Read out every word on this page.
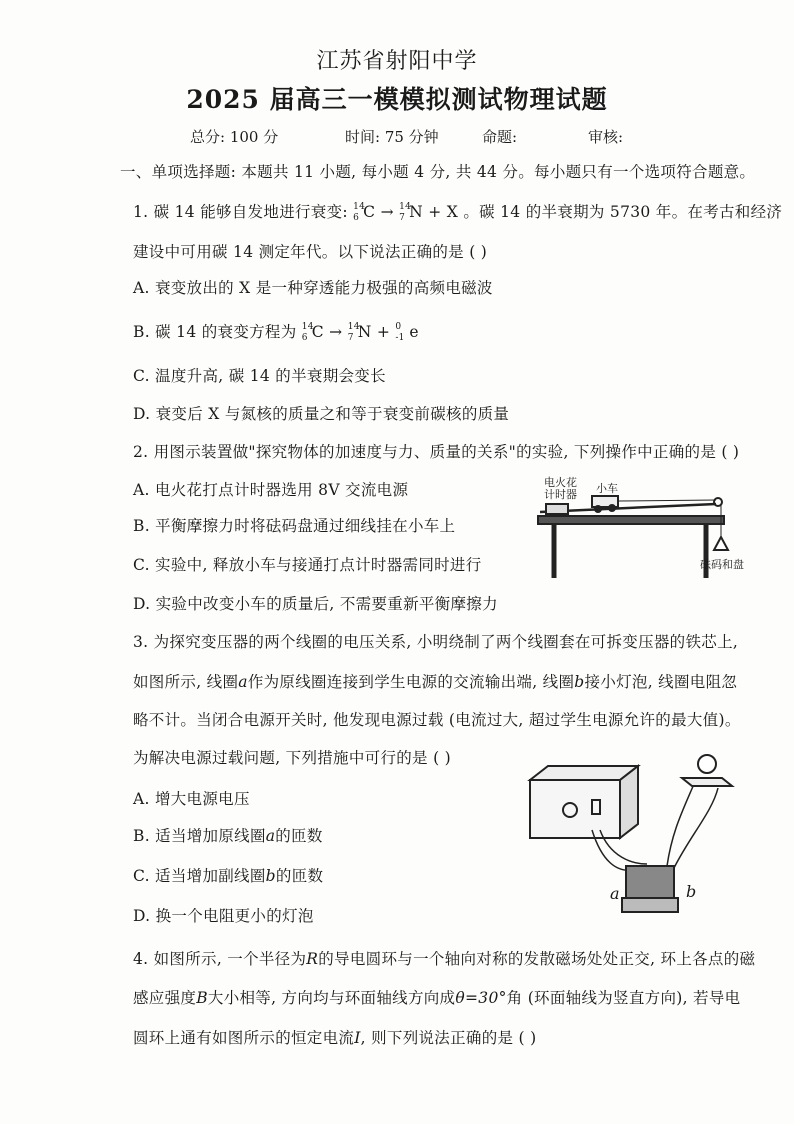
江苏省射阳中学
2025 届高三一模模拟测试物理试题
总分: 100 分	时间: 75 分钟	命题:	审核:
一、单项选择题: 本题共 11 小题, 每小题 4 分, 共 44 分。每小题只有一个选项符合题意。
1. 碳 14 能够自发地进行衰变: 14
6 C → 14
7 N + X 。碳 14 的半衰期为 5730 年。在考古和经济
建设中可用碳 14 测定年代。以下说法正确的是 ( )
A. 衰变放出的 X 是一种穿透能力极强的高频电磁波
B. 碳 14 的衰变方程为 14
6 C → 14
7 N + 0
-1 e
C. 温度升高, 碳 14 的半衰期会变长
D. 衰变后 X 与氮核的质量之和等于衰变前碳核的质量
2. 用图示装置做"探究物体的加速度与力、质量的关系"的实验, 下列操作中正确的是 ( )
A. 电火花打点计时器选用 8V 交流电源
B. 平衡摩擦力时将砝码盘通过细线挂在小车上
C. 实验中, 释放小车与接通打点计时器需同时进行
D. 实验中改变小车的质量后, 不需要重新平衡摩擦力
电火花
计时器 小车
砝码和盘
3. 为探究变压器的两个线圈的电压关系, 小明绕制了两个线圈套在可拆变压器的铁芯上,
如图所示, 线圈a作为原线圈连接到学生电源的交流输出端, 线圈b接小灯泡, 线圈电阻忽
略不计。当闭合电源开关时, 他发现电源过载 (电流过大, 超过学生电源允许的最大值)。
为解决电源过载问题, 下列措施中可行的是 ( )
A. 增大电源电压
B. 适当增加原线圈a的匝数
C. 适当增加副线圈b的匝数
D. 换一个电阻更小的灯泡
a	b
4. 如图所示, 一个半径为R的导电圆环与一个轴向对称的发散磁场处处正交, 环上各点的磁
感应强度B大小相等, 方向均与环面轴线方向成θ=30°角 (环面轴线为竖直方向), 若导电
圆环上通有如图所示的恒定电流I, 则下列说法正确的是 ( )
